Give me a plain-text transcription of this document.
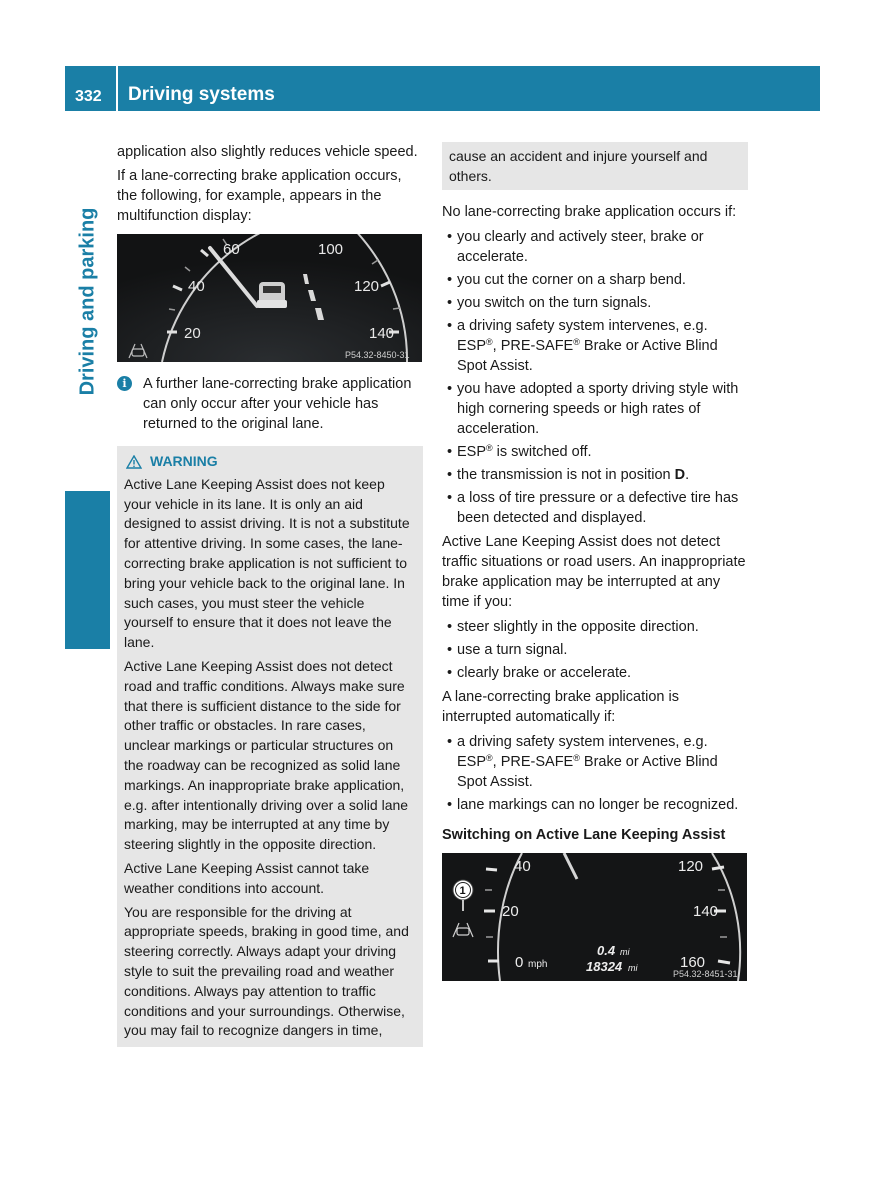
332 Driving systems
Driving and parking

application also slightly reduces vehicle speed.

If a lane-correcting brake application occurs, the following, for example, appears in the multifunction display:

20
40
60	100
120
140
P54.32-8450-31
i	A further lane-correcting brake application can only occur after your vehicle has returned to the original lane.
WARNING

Active Lane Keeping Assist does not keep your vehicle in its lane. It is only an aid designed to assist driving. It is not a substitute for attentive driving. In some cases, the lane-correcting brake application is not sufficient to bring your vehicle back to the original lane. In such cases, you must steer the vehicle yourself to ensure that it does not leave the lane.

Active Lane Keeping Assist does not detect road and traffic conditions. Always make sure that there is sufficient distance to the side for other traffic or obstacles. In rare cases, unclear markings or particular structures on the roadway can be recognized as solid lane markings. An inappropriate brake application, e.g. after intentionally driving over a solid lane marking, may be interrupted at any time by steering slightly in the opposite direction.

Active Lane Keeping Assist cannot take weather conditions into account.

You are responsible for the driving at appropriate speeds, braking in good time, and steering correctly. Always adapt your driving style to suit the prevailing road and weather conditions. Always pay attention to traffic conditions and your surroundings. Otherwise, you may fail to recognize dangers in time,

cause an accident and injure yourself and others.

No lane-correcting brake application occurs if:

• you clearly and actively steer, brake or accelerate.
• you cut the corner on a sharp bend.
• you switch on the turn signals.
• a driving safety system intervenes, e.g. ESP®, PRE-SAFE® Brake or Active Blind Spot Assist.
• you have adopted a sporty driving style with high cornering speeds or high rates of acceleration.
• ESP® is switched off.
• the transmission is not in position D.
• a loss of tire pressure or a defective tire has been detected and displayed.

Active Lane Keeping Assist does not detect traffic situations or road users. An inappropriate brake application may be interrupted at any time if you:

• steer slightly in the opposite direction.
• use a turn signal.
• clearly brake or accelerate.

A lane-correcting brake application is interrupted automatically if:

• a driving safety system intervenes, e.g. ESP®, PRE-SAFE® Brake or Active Blind Spot Assist.
• lane markings can no longer be recognized.
Switching on Active Lane Keeping Assist
40
20
0 mph
120
140
160
0.4 mi
18324 mi
1
P54.32-8451-31
